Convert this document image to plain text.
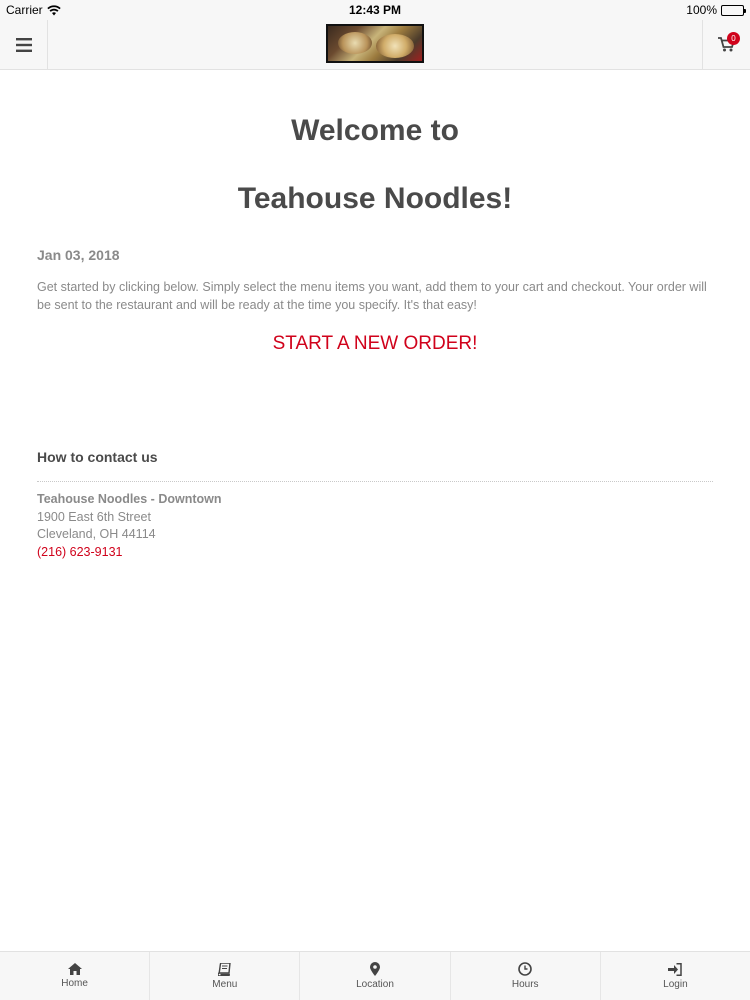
Carrier	12:43 PM	100%
0
Welcome to
Teahouse Noodles!
Jan 03, 2018

Get started by clicking below. Simply select the menu items you want, add them to your cart and checkout. Your order will be sent to the restaurant and will be ready at the time you specify. It's that easy!

START A NEW ORDER!
How to contact us
Teahouse Noodles - Downtown
1900 East 6th Street
Cleveland, OH 44114
(216) 623-9131
Home	Menu	Location	Hours	Login
